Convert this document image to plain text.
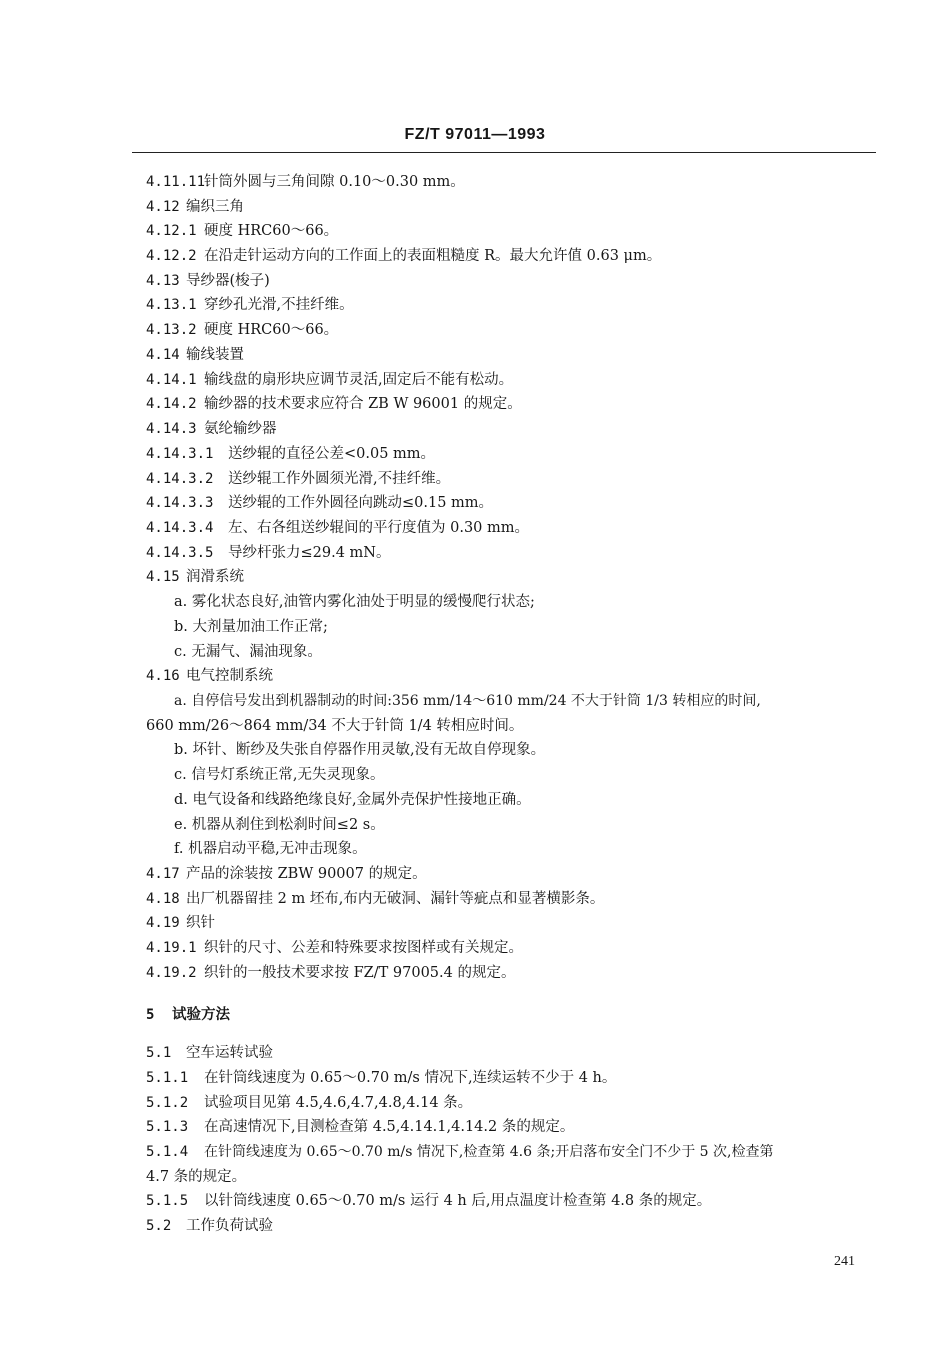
FZ/T 97011—1993
4.11.11针筒外圆与三角间隙 0.10～0.30 mm。
4.12 编织三角
4.12.1 硬度 HRC60～66。
4.12.2 在沿走针运动方向的工作面上的表面粗糙度 R。最大允许值 0.63 μm。
4.13 导纱器(梭子)
4.13.1 穿纱孔光滑,不挂纤维。
4.13.2 硬度 HRC60～66。
4.14 输线装置
4.14.1 输线盘的扇形块应调节灵活,固定后不能有松动。
4.14.2 输纱器的技术要求应符合 ZB W 96001 的规定。
4.14.3 氨纶输纱器
4.14.3.1 送纱辊的直径公差<0.05 mm。
4.14.3.2 送纱辊工作外圆须光滑,不挂纤维。
4.14.3.3 送纱辊的工作外圆径向跳动≤0.15 mm。
4.14.3.4 左、右各组送纱辊间的平行度值为 0.30 mm。
4.14.3.5 导纱杆张力≤29.4 mN。
4.15 润滑系统
a. 雾化状态良好,油管内雾化油处于明显的缓慢爬行状态;
b. 大剂量加油工作正常;
c. 无漏气、漏油现象。
4.16 电气控制系统
a. 自停信号发出到机器制动的时间:356 mm/14～610 mm/24 不大于针筒 1/3 转相应的时间,
660 mm/26～864 mm/34 不大于针筒 1/4 转相应时间。
b. 坏针、断纱及失张自停器作用灵敏,没有无故自停现象。
c. 信号灯系统正常,无失灵现象。
d. 电气设备和线路绝缘良好,金属外壳保护性接地正确。
e. 机器从刹住到松刹时间≤2 s。
f. 机器启动平稳,无冲击现象。
4.17 产品的涂装按 ZBW 90007 的规定。
4.18 出厂机器留挂 2 m 坯布,布内无破洞、漏针等疵点和显著横影条。
4.19 织针
4.19.1 织针的尺寸、公差和特殊要求按图样或有关规定。
4.19.2 织针的一般技术要求按 FZ/T 97005.4 的规定。
5 试验方法
5.1 空车运转试验
5.1.1 在针筒线速度为 0.65～0.70 m/s 情况下,连续运转不少于 4 h。
5.1.2 试验项目见第 4.5,4.6,4.7,4.8,4.14 条。
5.1.3 在高速情况下,目测检查第 4.5,4.14.1,4.14.2 条的规定。
5.1.4 在针筒线速度为 0.65～0.70 m/s 情况下,检查第 4.6 条;开启落布安全门不少于 5 次,检查第
4.7 条的规定。
5.1.5 以针筒线速度 0.65～0.70 m/s 运行 4 h 后,用点温度计检查第 4.8 条的规定。
5.2 工作负荷试验
241
